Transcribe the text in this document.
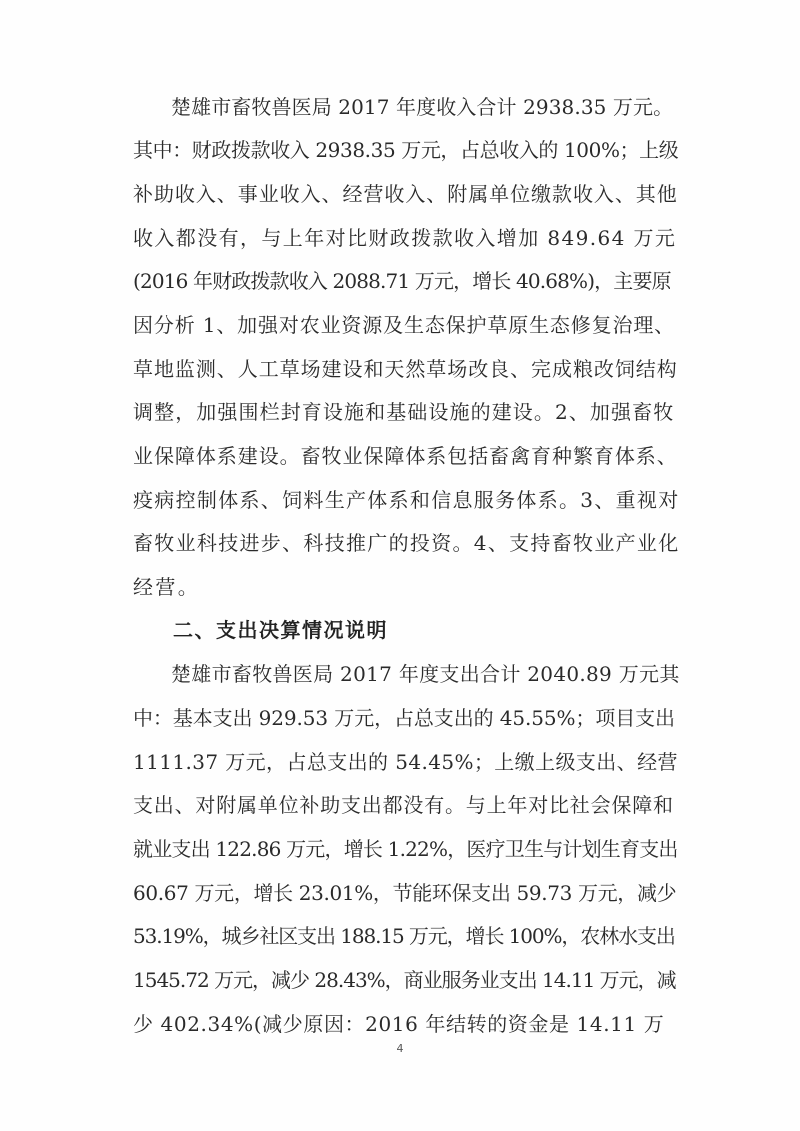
楚雄市畜牧兽医局 2017 年度收入合计 2938.35 万元。
其中：财政拨款收入 2938.35 万元，占总收入的 100%；上级
补助收入、事业收入、经营收入、附属单位缴款收入、其他
收入都没有，与上年对比财政拨款收入增加 849.64 万元
(2016 年财政拨款收入 2088.71 万元，增长 40.68%)，主要原
因分析 1、加强对农业资源及生态保护草原生态修复治理、
草地监测、人工草场建设和天然草场改良、完成粮改饲结构
调整，加强围栏封育设施和基础设施的建设。2、加强畜牧
业保障体系建设。畜牧业保障体系包括畜禽育种繁育体系、
疫病控制体系、饲料生产体系和信息服务体系。3、重视对
畜牧业科技进步、科技推广的投资。4、支持畜牧业产业化
经营。
二、支出决算情况说明
楚雄市畜牧兽医局 2017 年度支出合计 2040.89 万元其
中：基本支出 929.53 万元，占总支出的 45.55%；项目支出
1111.37 万元，占总支出的 54.45%；上缴上级支出、经营
支出、对附属单位补助支出都没有。与上年对比社会保障和
就业支出 122.86 万元，增长 1.22%，医疗卫生与计划生育支出
60.67 万元，增长 23.01%，节能环保支出 59.73 万元，减少
53.19%，城乡社区支出 188.15 万元，增长 100%，农林水支出
1545.72 万元，减少 28.43%，商业服务业支出 14.11 万元，减
少 402.34%(减少原因：2016 年结转的资金是 14.11 万
4
